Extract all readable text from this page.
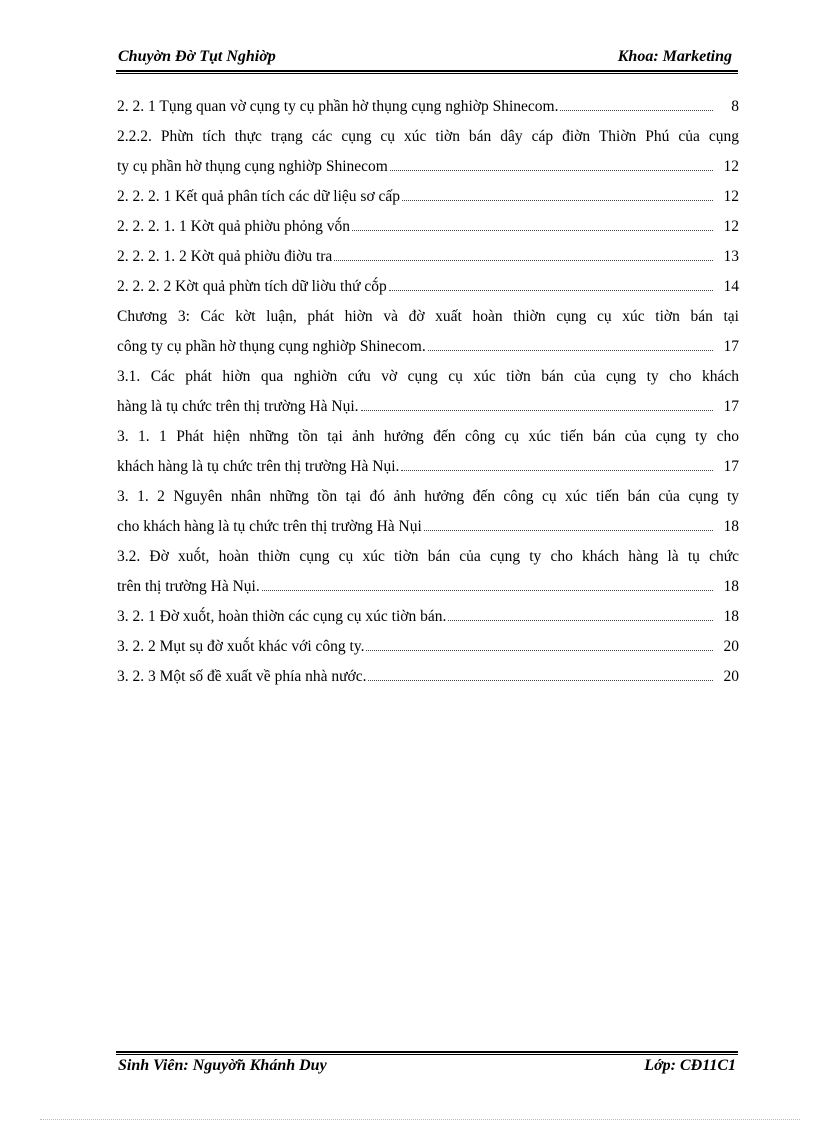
Chuyờn Đờ Tụt Nghiờp	Khoa: Marketing
2. 2. 1 Tụng quan vờ cụng ty cụ phần hờ thụng cụng nghiờp Shinecom.	8
2.2.2. Phừn tích thực trạng các cụng cụ xúc tiờn bán dây cáp điờn Thiờn Phú của cụng
ty cụ phần hờ thụng cụng nghiờp Shinecom	12
2. 2. 2. 1 Kết quả phân tích các dữ liệu sơ cấp	12
2. 2. 2. 1. 1 Kờt quả phiờu phỏng vṍn	12
2. 2. 2. 1. 2 Kờt quả phiờu điờu tra	13
2. 2. 2. 2 Kờt quả phừn tích dữ liờu thứ cṍp	14
Chương 3: Các kờt luận, phát hiờn và đờ xuất hoàn thiờn cụng cụ xúc tiờn bán tại
công ty cụ phần hờ thụng cụng nghiờp Shinecom.	17
3.1. Các phát hiờn qua nghiờn cứu vờ cụng cụ xúc tiờn bán của cụng ty cho khách
hàng là tụ chức trên thị trường Hà Nụi.	17
3. 1. 1 Phát hiện những tồn tại ảnh hưởng đến công cụ xúc tiến bán của cụng ty cho
khách hàng là tụ chức trên thị trường Hà Nụi.	17
3. 1. 2 Nguyên nhân những tồn tại đó ảnh hưởng đến công cụ xúc tiến bán của cụng ty
cho khách hàng là tụ chức trên thị trường Hà Nụi	18
3.2. Đờ xuṍt, hoàn thiờn cụng cụ xúc tiờn bán của cụng ty cho khách hàng là tụ chức
trên thị trường Hà Nụi.	18
3. 2. 1 Đờ xuṍt, hoàn thiờn các cụng cụ xúc tiờn bán.	18
3. 2. 2 Mụt sụ đờ xuṍt khác với công ty.	20
3. 2. 3 Một số đề xuất về phía nhà nước.	20
Sinh Viên: Nguyờ̃n Khánh Duy	Lớp: CĐ11C1
